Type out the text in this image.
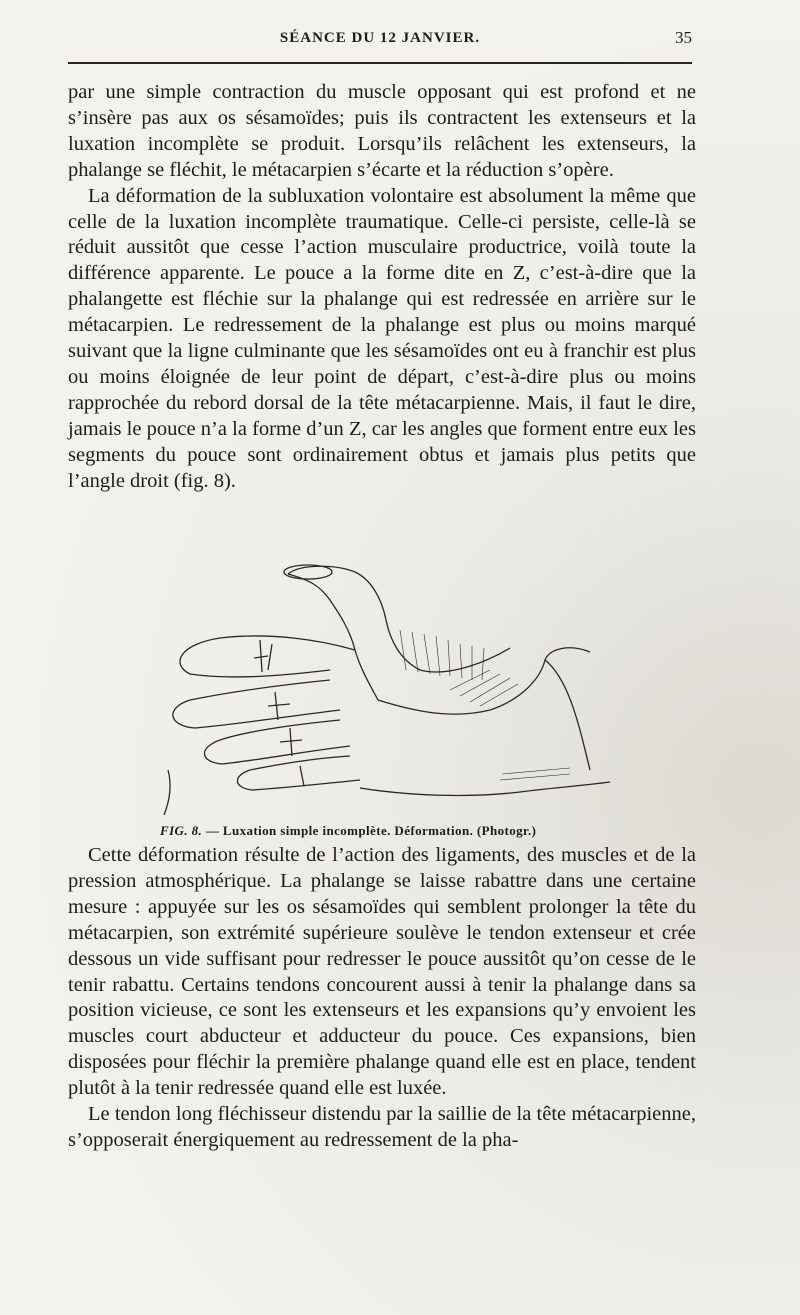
SÉANCE DU 12 JANVIER.	35

par une simple contraction du muscle opposant qui est profond et ne s’insère pas aux os sésamoïdes; puis ils contractent les extenseurs et la luxation incomplète se produit. Lorsqu’ils relâchent les extenseurs, la phalange se fléchit, le métacarpien s’écarte et la réduction s’opère.

La déformation de la subluxation volontaire est absolument la même que celle de la luxation incomplète traumatique. Celle-ci persiste, celle-là se réduit aussitôt que cesse l’action musculaire productrice, voilà toute la différence apparente. Le pouce a la forme dite en Z, c’est-à-dire que la phalangette est fléchie sur la phalange qui est redressée en arrière sur le métacarpien. Le redressement de la phalange est plus ou moins marqué suivant que la ligne culminante que les sésamoïdes ont eu à franchir est plus ou moins éloignée de leur point de départ, c’est-à-dire plus ou moins rapprochée du rebord dorsal de la tête métacarpienne. Mais, il faut le dire, jamais le pouce n’a la forme d’un Z, car les angles que forment entre eux les segments du pouce sont ordinairement obtus et jamais plus petits que l’angle droit (fig. 8).

FIG. 8. — Luxation simple incomplète. Déformation. (Photogr.)

Cette déformation résulte de l’action des ligaments, des muscles et de la pression atmosphérique. La phalange se laisse rabattre dans une certaine mesure : appuyée sur les os sésamoïdes qui semblent prolonger la tête du métacarpien, son extrémité supérieure soulève le tendon extenseur et crée dessous un vide suffisant pour redresser le pouce aussitôt qu’on cesse de le tenir rabattu. Certains tendons concourent aussi à tenir la phalange dans sa position vicieuse, ce sont les extenseurs et les expansions qu’y envoient les muscles court abducteur et adducteur du pouce. Ces expansions, bien disposées pour fléchir la première phalange quand elle est en place, tendent plutôt à la tenir redressée quand elle est luxée.

Le tendon long fléchisseur distendu par la saillie de la tête métacarpienne, s’opposerait énergiquement au redressement de la pha-
